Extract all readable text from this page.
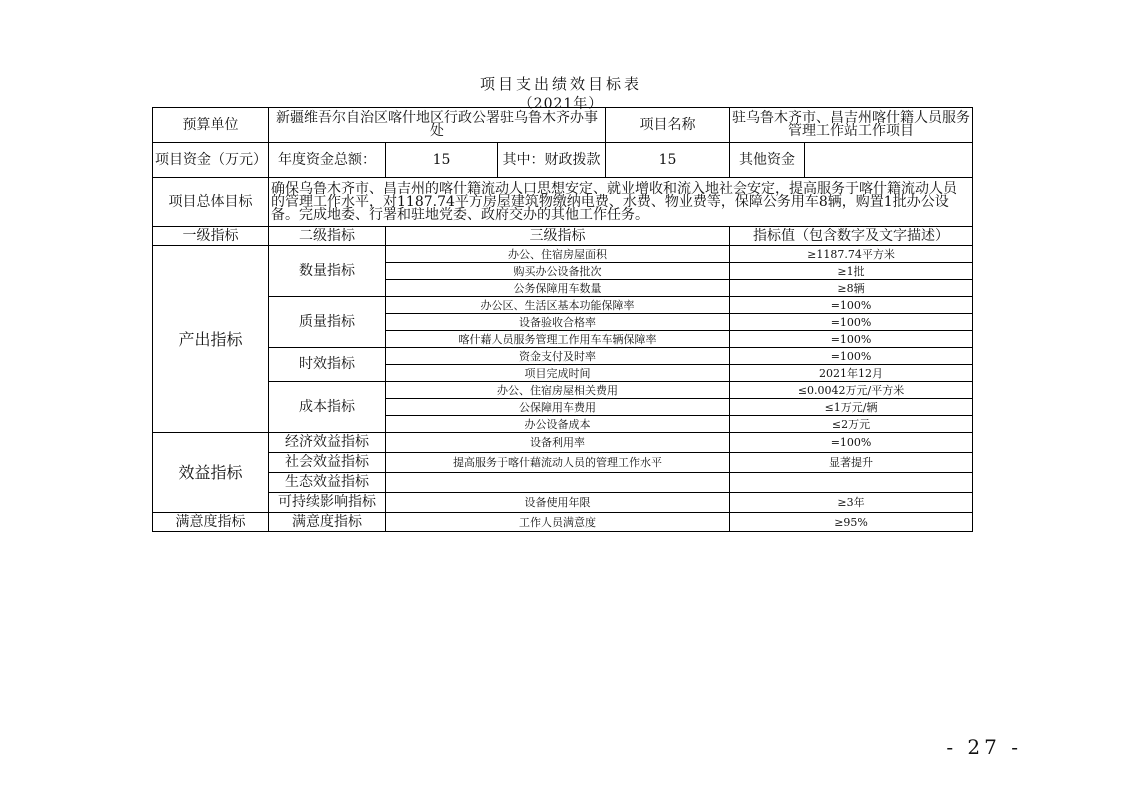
项目支出绩效目标表
（2021年）
预算单位	新疆维吾尔自治区喀什地区行政公署驻乌鲁木齐办事处			项目名称	驻乌鲁木齐市、昌吉州喀什籍人员服务管理工作站工作项目	
项目资金（万元）	年度资金总额：	15	其中：财政拨款	15	其他资金	
项目总体目标	确保乌鲁木齐市、昌吉州的喀什籍流动人口思想安定、就业增收和流入地社会安定，提高服务于喀什籍流动人员的管理工作水平，对1187.74平方房屋建筑物缴纳电费、水费、物业费等，保障公务用车8辆，购置1批办公设备。完成地委、行署和驻地党委、政府交办的其他工作任务。					
一级指标	二级指标	三级指标			指标值（包含数字及文字描述）	
产出指标	数量指标	办公、住宿房屋面积			≥1187.74平方米	
		购买办公设备批次			≥1批	
		公务保障用车数量			≥8辆	
	质量指标	办公区、生活区基本功能保障率			=100%	
		设备验收合格率			=100%	
		喀什藉人员服务管理工作用车车辆保障率			=100%	
	时效指标	资金支付及时率			=100%	
		项目完成时间			2021年12月	
	成本指标	办公、住宿房屋相关费用			≤0.0042万元/平方米	
		公保障用车费用			≤1万元/辆	
		办公设备成本			≤2万元	
效益指标	经济效益指标	设备利用率			=100%	
	社会效益指标	提高服务于喀什藉流动人员的管理工作水平			显著提升	
	生态效益指标					
	可持续影响指标	设备使用年限			≥3年	
满意度指标	满意度指标	工作人员满意度			≥95%	
- 27 -
